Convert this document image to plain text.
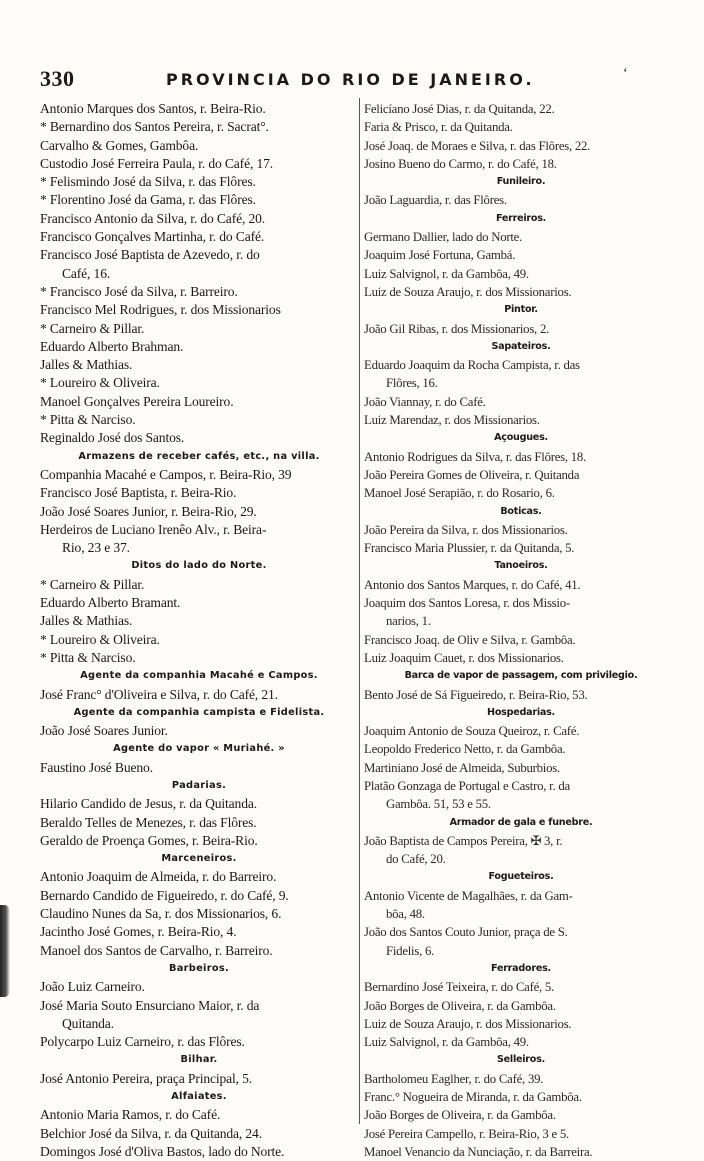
330	PROVINCIA DO RIO DE JANEIRO.	‘
Antonio Marques dos Santos, r. Beira-Rio.
* Bernardino dos Santos Pereira, r. Sacrat°.
Carvalho & Gomes, Gambôa.
Custodio José Ferreira Paula, r. do Café, 17.
* Felismindo José da Silva, r. das Flôres.
* Florentino José da Gama, r. das Flôres.
Francisco Antonio da Silva, r. do Café, 20.
Francisco Gonçalves Martinha, r. do Café.
Francisco José Baptista de Azevedo, r. do
Café, 16.
* Francisco José da Silva, r. Barreiro.
Francisco Mel Rodrigues, r. dos Missionarios
* Carneiro & Pillar.
Eduardo Alberto Brahman.
Jalles & Mathias.
* Loureiro & Oliveira.
Manoel Gonçalves Pereira Loureiro.
* Pitta & Narciso.
Reginaldo José dos Santos.
Armazens de receber cafés, etc., na villa.
Companhia Macahé e Campos, r. Beira-Rio, 39
Francisco José Baptista, r. Beira-Rio.
João José Soares Junior, r. Beira-Rio, 29.
Herdeiros de Luciano Irenêo Alv., r. Beira-
Rio, 23 e 37.
Ditos do lado do Norte.
* Carneiro & Pillar.
Eduardo Alberto Bramant.
Jalles & Mathias.
* Loureiro & Oliveira.
* Pitta & Narciso.
Agente da companhia Macahé e Campos.
José Franc° d'Oliveira e Silva, r. do Café, 21.
Agente da companhia campista e Fidelista.
João José Soares Junior.
Agente do vapor « Muriahé. »
Faustino José Bueno.
Padarias.
Hilario Candido de Jesus, r. da Quitanda.
Beraldo Telles de Menezes, r. das Flôres.
Geraldo de Proença Gomes, r. Beira-Rio.
Marceneiros.
Antonio Joaquim de Almeida, r. do Barreiro.
Bernardo Candido de Figueiredo, r. do Café, 9.
Claudino Nunes da Sa, r. dos Missionarios, 6.
Jacintho José Gomes, r. Beira-Rio, 4.
Manoel dos Santos de Carvalho, r. Barreiro.
Barbeiros.
João Luiz Carneiro.
José Maria Souto Ensurciano Maior, r. da
Quitanda.
Polycarpo Luiz Carneiro, r. das Flôres.
Bilhar.
José Antonio Pereira, praça Principal, 5.
Alfaiates.
Antonio Maria Ramos, r. do Café.
Belchior José da Silva, r. da Quitanda, 24.
Domingos José d'Oliva Bastos, lado do Norte.
Felicíano José Dias, r. da Quitanda, 22.
Faria & Prisco, r. da Quitanda.
José Joaq. de Moraes e Silva, r. das Flôres, 22.
Josino Bueno do Carmo, r. do Café, 18.
Funileiro.
João Laguardia, r. das Flôres.
Ferreiros.
Germano Dallier, lado do Norte.
Joaquim José Fortuna, Gambá.
Luiz Salvignol, r. da Gambôa, 49.
Luiz de Souza Araujo, r. dos Missionarios.
Pintor.
João Gil Ribas, r. dos Missionarios, 2.
Sapateiros.
Eduardo Joaquim da Rocha Campista, r. das
Flôres, 16.
João Viannay, r. do Café.
Luiz Marendaz, r. dos Missionarios.
Açougues.
Antonio Rodrigues da Silva, r. das Flôres, 18.
João Pereira Gomes de Oliveira, r. Quitanda
Manoel José Serapião, r. do Rosario, 6.
Boticas.
João Pereira da Silva, r. dos Missionarios.
Francisco Maria Plussier, r. da Quitanda, 5.
Tanoeiros.
Antonio dos Santos Marques, r. do Café, 41.
Joaquim dos Santos Loresa, r. dos Missio-
narios, 1.
Francisco Joaq. de Oliv e Silva, r. Gambôa.
Luiz Joaquim Cauet, r. dos Missionarios.
Barca de vapor de passagem, com privilegio.
Bento José de Sá Figueiredo, r. Beira-Rio, 53.
Hospedarias.
Joaquim Antonio de Souza Queiroz, r. Café.
Leopoldo Frederico Netto, r. da Gambôa.
Martiniano José de Almeida, Suburbios.
Platão Gonzaga de Portugal e Castro, r. da
Gambôa. 51, 53 e 55.
Armador de gala e funebre.
João Baptista de Campos Pereira, ✠ 3, r.
do Café, 20.
Fogueteiros.
Antonio Vicente de Magalhães, r. da Gam-
bôa, 48.
João dos Santos Couto Junior, praça de S.
Fidelis, 6.
Ferradores.
Bernardino José Teixeira, r. do Café, 5.
João Borges de Oliveira, r. da Gambôa.
Luiz de Souza Araujo, r. dos Missionarios.
Luiz Salvignol, r. da Gambôa, 49.
Selleiros.
Bartholomeu Eaglher, r. do Café, 39.
Franc.° Nogueira de Miranda, r. da Gambôa.
João Borges de Oliveira, r. da Gambôa.
José Pereira Campello, r. Beira-Rio, 3 e 5.
Manoel Venancio da Nunciação, r. da Barreira.
